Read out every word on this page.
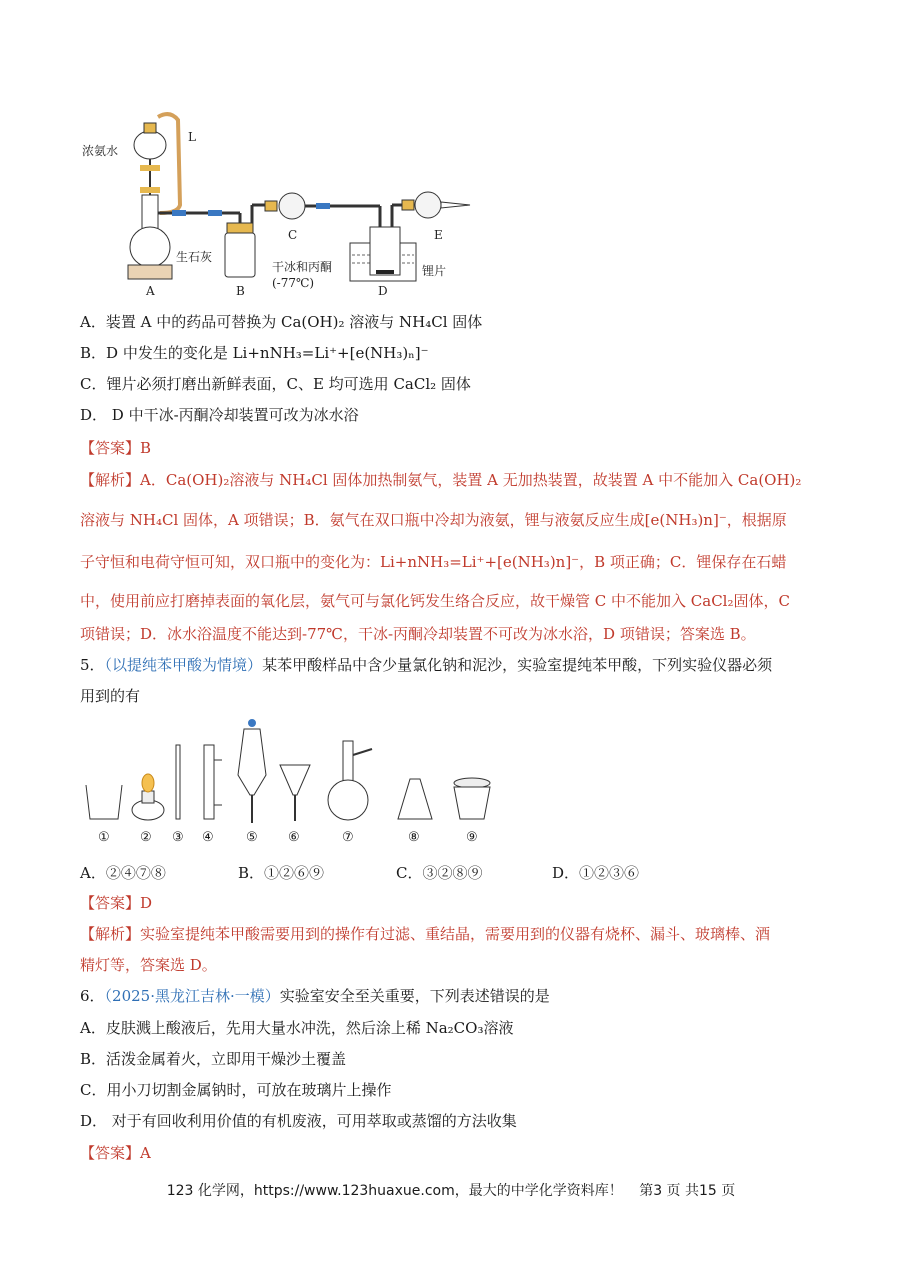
浓氨水
L
生石灰
A	B
C	E
干冰和丙酮
(-77℃)
D
锂片
A．装置 A 中的药品可替换为 Ca(OH)₂ 溶液与 NH₄Cl 固体
B．D 中发生的变化是 Li+nNH₃=Li⁺+[e(NH₃)ₙ]⁻
C．锂片必须打磨出新鲜表面，C、E 均可选用 CaCl₂ 固体
D． D 中干冰-丙酮冷却装置可改为冰水浴
【答案】B
【解析】A．Ca(OH)₂溶液与 NH₄Cl 固体加热制氨气，装置 A 无加热装置，故装置 A 中不能加入 Ca(OH)₂
溶液与 NH₄Cl 固体，A 项错误；B．氨气在双口瓶中冷却为液氨，锂与液氨反应生成[e(NH₃)n]⁻，根据原
子守恒和电荷守恒可知，双口瓶中的变化为：Li+nNH₃=Li⁺+[e(NH₃)n]⁻，B 项正确；C．锂保存在石蜡
中，使用前应打磨掉表面的氧化层，氨气可与氯化钙发生络合反应，故干燥管 C 中不能加入 CaCl₂固体，C
项错误；D．冰水浴温度不能达到-77℃，干冰-丙酮冷却装置不可改为冰水浴，D 项错误；答案选 B。
5．（以提纯苯甲酸为情境）某苯甲酸样品中含少量氯化钠和泥沙，实验室提纯苯甲酸，下列实验仪器必须
用到的有
① ② ③ ④ ⑤ ⑥	⑦	⑧	⑨
A．②④⑦⑧	B．①②⑥⑨	C．③②⑧⑨	D．①②③⑥
【答案】D
【解析】实验室提纯苯甲酸需要用到的操作有过滤、重结晶，需要用到的仪器有烧杯、漏斗、玻璃棒、酒
精灯等，答案选 D。
6．（2025·黑龙江吉林·一模）实验室安全至关重要，下列表述错误的是
A．皮肤溅上酸液后，先用大量水冲洗，然后涂上稀 Na₂CO₃溶液
B．活泼金属着火，立即用干燥沙土覆盖
C．用小刀切割金属钠时，可放在玻璃片上操作
D． 对于有回收利用价值的有机废液，可用萃取或蒸馏的方法收集
【答案】A
123 化学网，https://www.123huaxue.com，最大的中学化学资料库！ 第3 页 共15 页
